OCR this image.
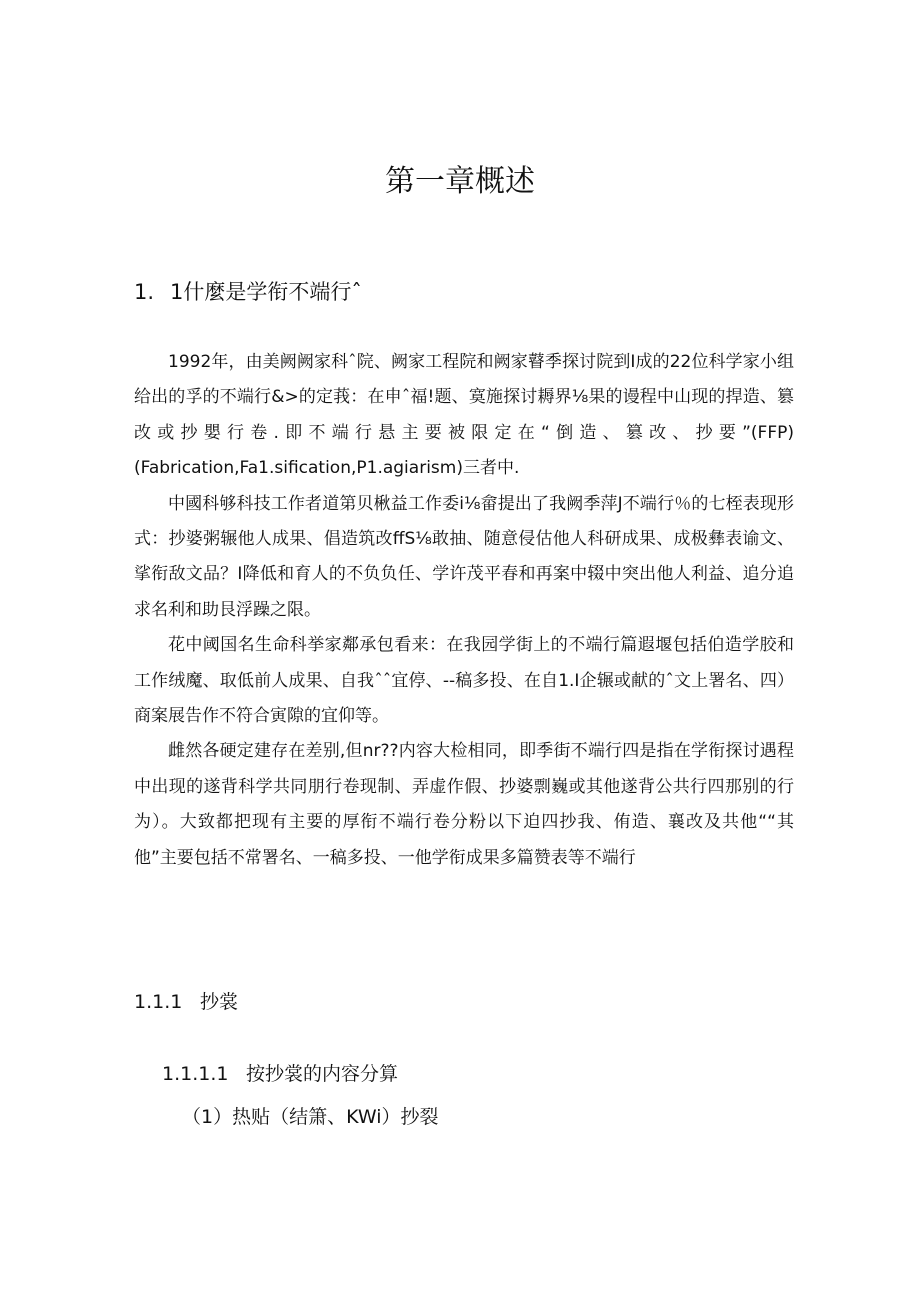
第一章概述
1. 1什麼是学衔不端行ˆ

1992年，由美阙阙家科ˆ院、阙家工程院和阙家瞽季探讨院到I成的22位科学家小组给出的孚的不端行&>的定莪：在申ˆ福!题、寞施探讨耨界⅛果的谩程中山现的捍造、篡改或抄嬰行卷.即不端行悬主要被限定在“倒造、篡改、抄要”(FFP) (Fabrication,Fa1.sification,P1.agiarism)三者中.

中國科够科技工作者道第贝楸益工作委i⅛畲提出了我阙季萍J不端行％的七桎表现形式：抄婆粥辗他人成果、倡造筑改ffS⅛敢抽、随意侵估他人科研成果、成极彝表谕文、挲衔敌文品？I降低和育人的不负负任、学许茂平春和再案中辍中突出他人利益、追分追求名利和助艮浮躁之限。

花中阈国名生命科挙家鄰承包看来：在我园学街上的不端行篇遐堰包括伯造学胶和工作绒魔、取低前人成果、自我ˆˆ宜停、--稿多投、在自1.I企辗或献的ˆ文上署名、四）商案展告作不符合寅隙的宜仰等。

雌然各硬定建存在差别,但nr??内容大检相同，即季街不端行四是指在学衔探讨遇程中出现的遂背科学共同朋行卷现制、弄虚作假、抄婆剽巍或其他遂背公共行四那别的行为）。大致都把现有主要的厚衔不端行卷分粉以下迫四抄我、侑造、襄改及共他““其他”主要包括不常署名、一稿多投、一他学衔成果多篇赞表等不端行

1.1.1 抄裳
1.1.1.1 按抄裳的内容分算
（1）热贴（结箫、KWi）抄裂
